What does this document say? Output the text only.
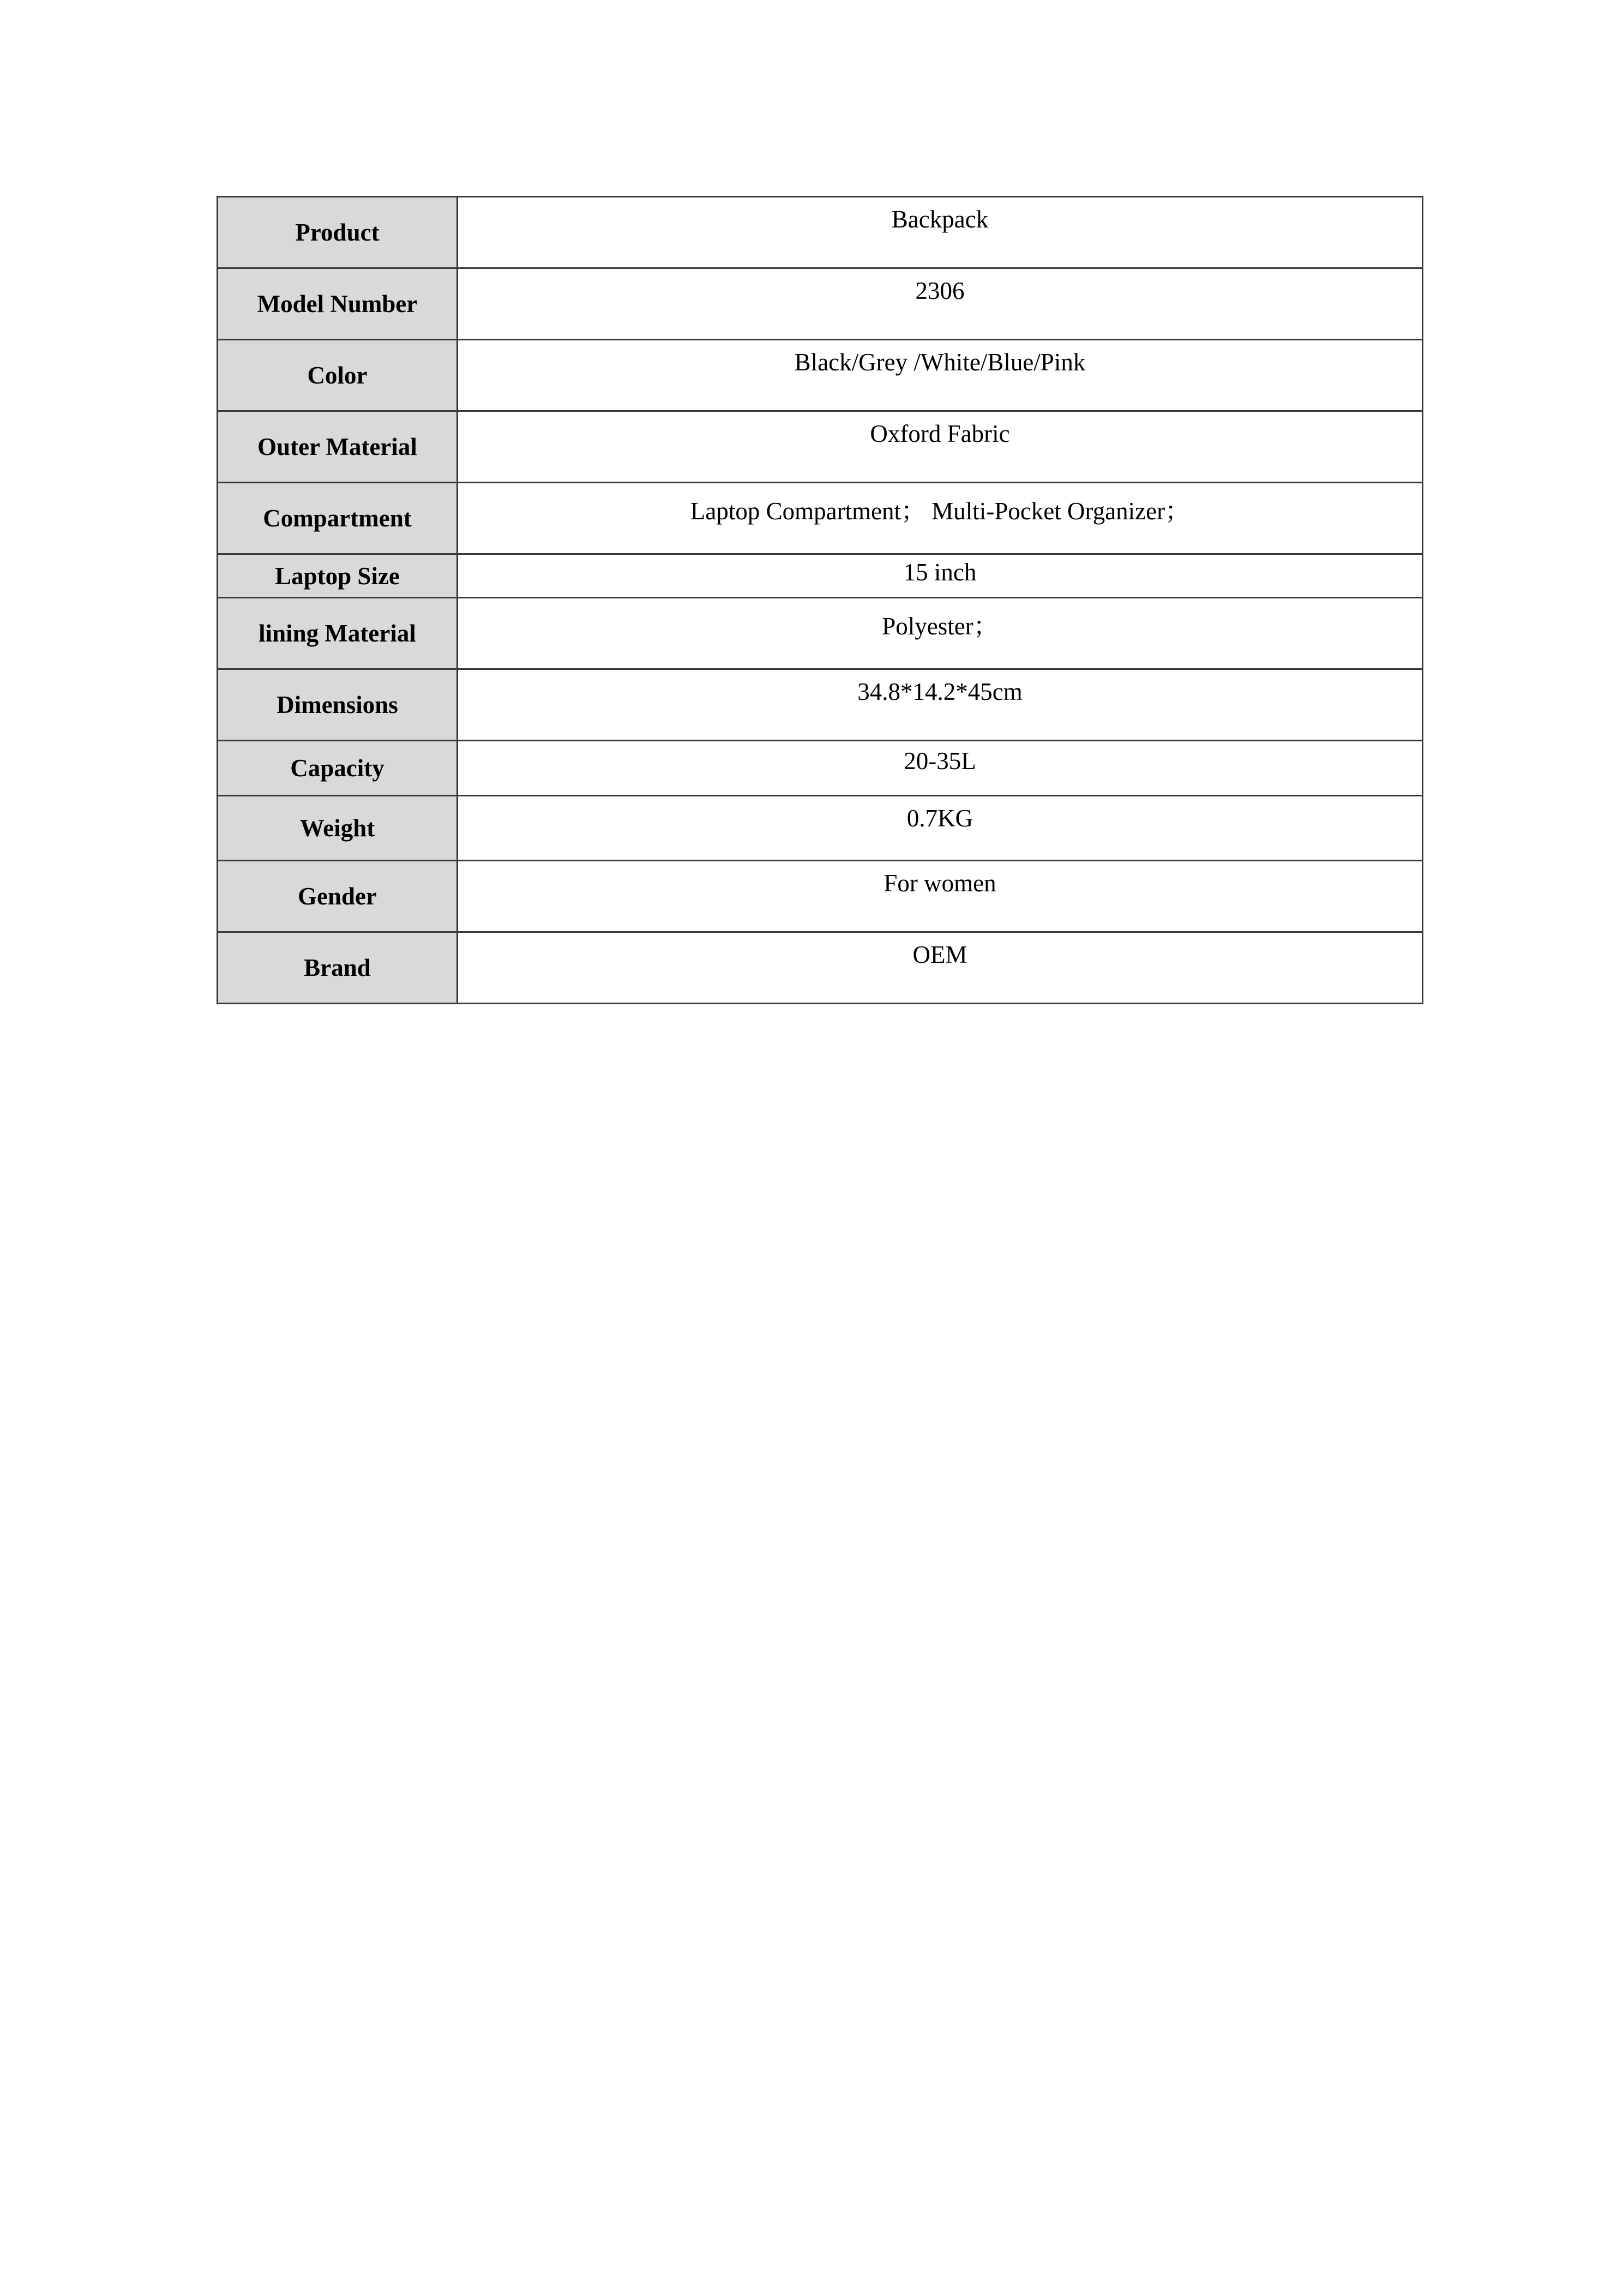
Product	Backpack
Model Number	2306
Color	Black/Grey /White/Blue/Pink
Outer Material	Oxford Fabric
Compartment	Laptop Compartment； Multi-Pocket Organizer；
Laptop Size	15 inch
lining Material	Polyester；
Dimensions	34.8*14.2*45cm
Capacity	20-35L
Weight	0.7KG
Gender	For women
Brand	OEM
